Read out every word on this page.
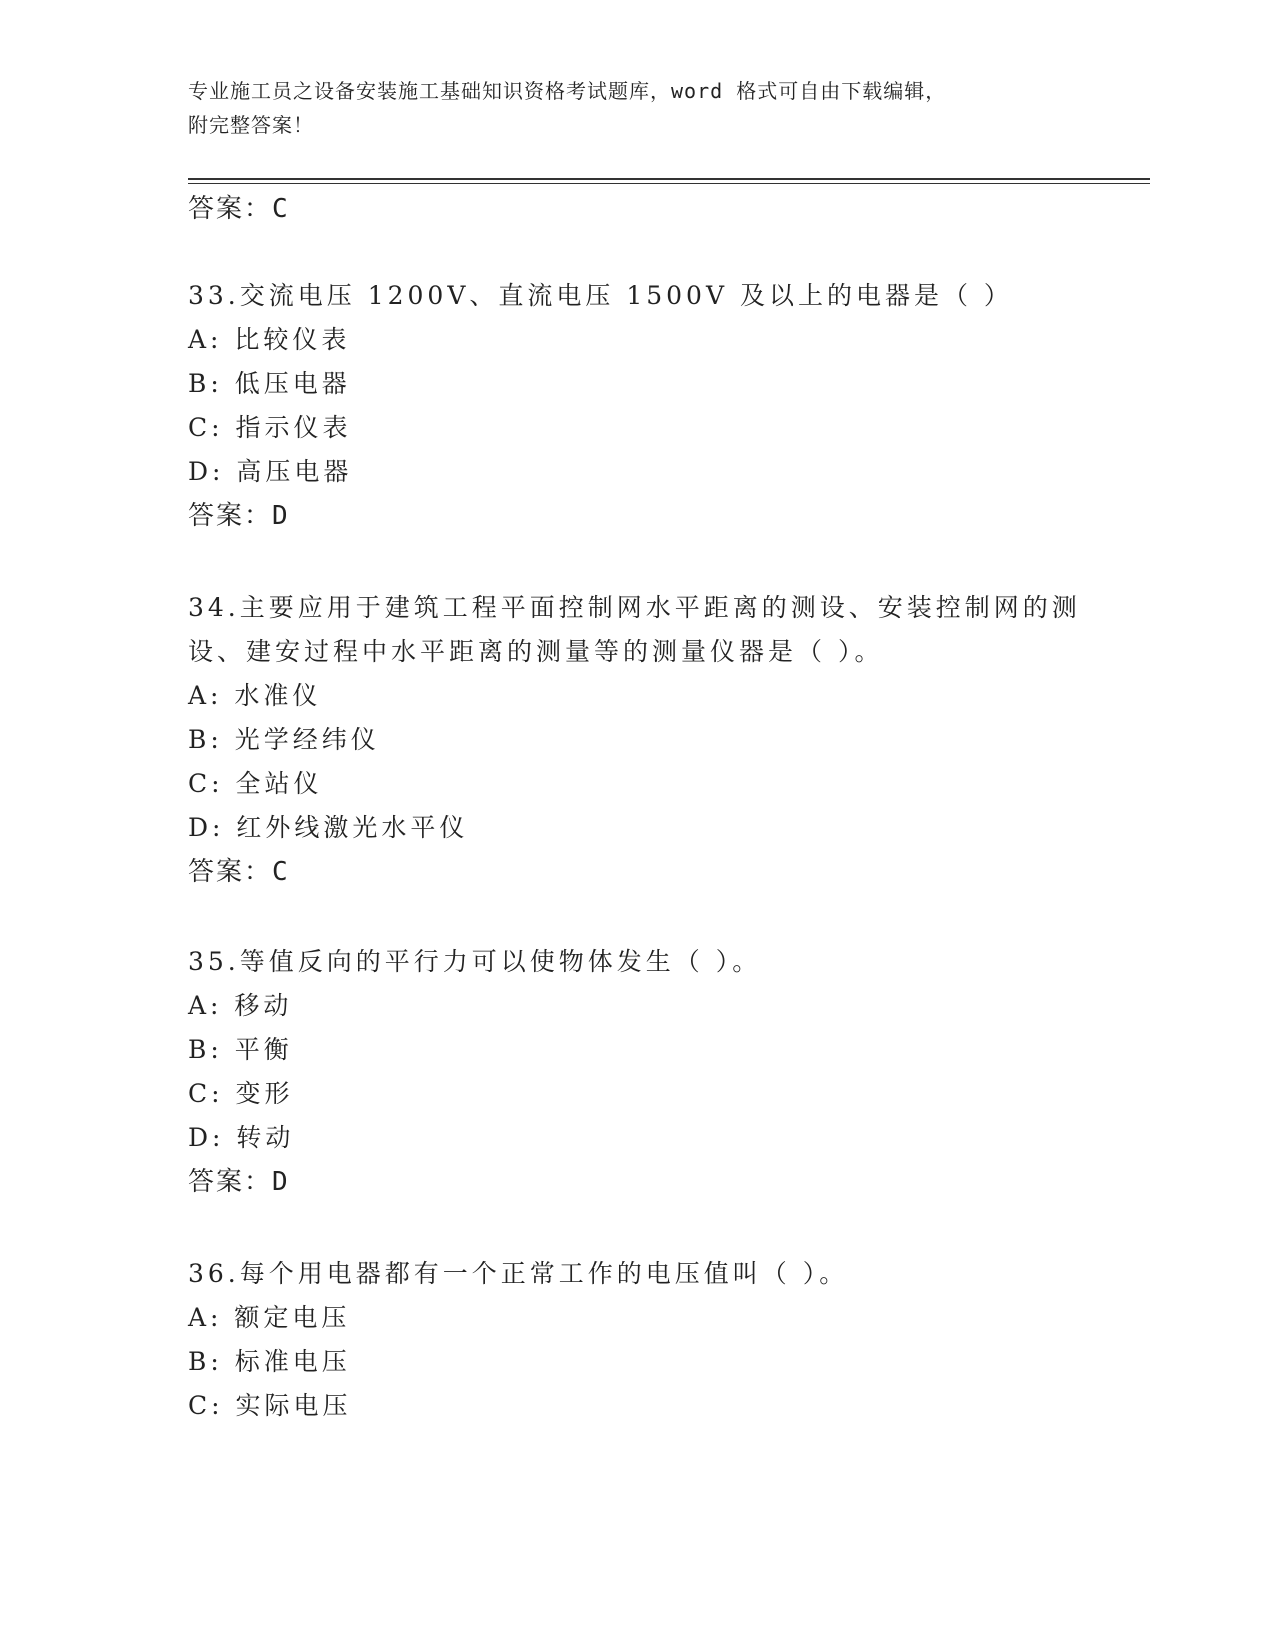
专业施工员之设备安装施工基础知识资格考试题库，word 格式可自由下载编辑，
附完整答案！
答案：C
33.交流电压 1200V、直流电压 1500V 及以上的电器是（ ）
A: 比较仪表
B: 低压电器
C: 指示仪表
D: 高压电器
答案：D
34.主要应用于建筑工程平面控制网水平距离的测设、安装控制网的测
设、建安过程中水平距离的测量等的测量仪器是（ ）。
A: 水准仪
B: 光学经纬仪
C: 全站仪
D: 红外线激光水平仪
答案：C
35.等值反向的平行力可以使物体发生（ ）。
A: 移动
B: 平衡
C: 变形
D: 转动
答案：D
36.每个用电器都有一个正常工作的电压值叫（ ）。
A: 额定电压
B: 标准电压
C: 实际电压
